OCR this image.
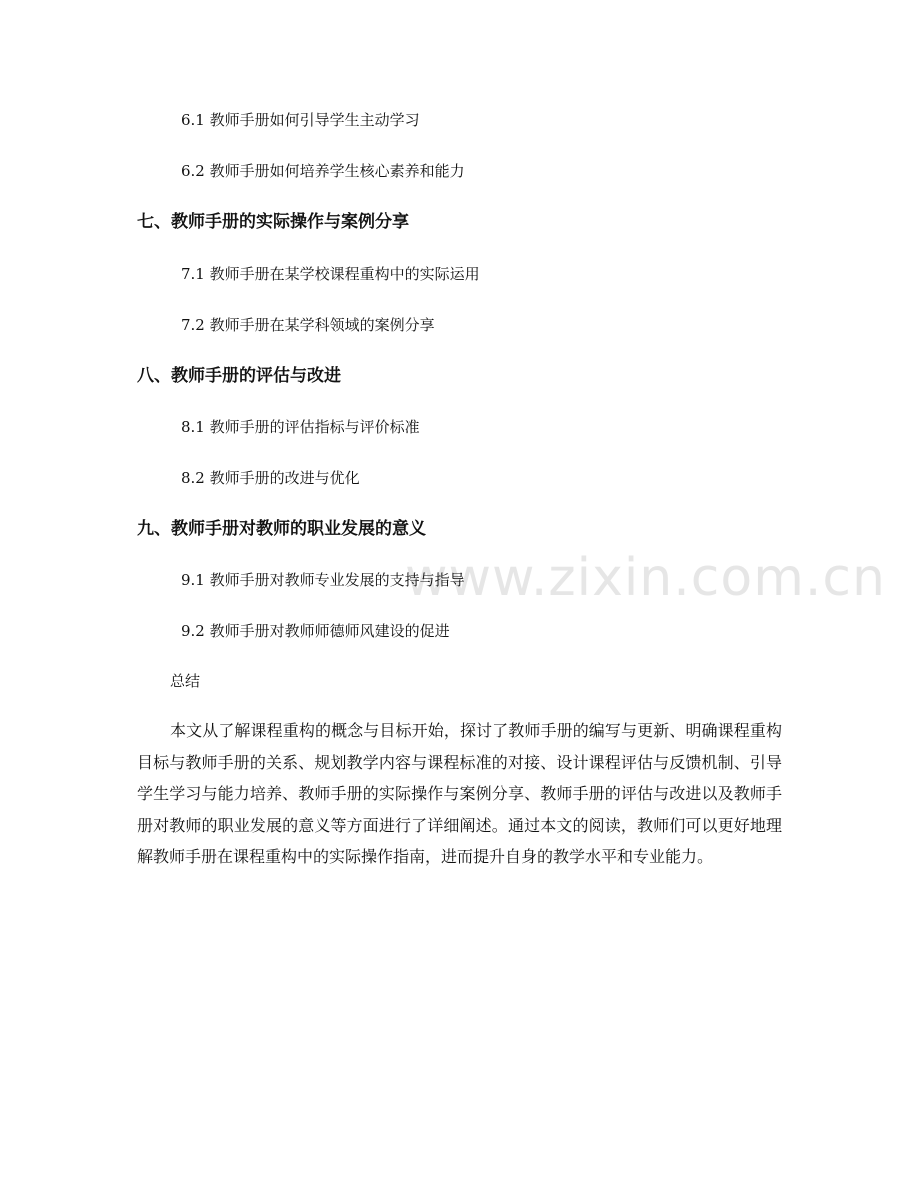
www.zixin.com.cn
6.1 教师手册如何引导学生主动学习
6.2 教师手册如何培养学生核心素养和能力
七、教师手册的实际操作与案例分享
7.1 教师手册在某学校课程重构中的实际运用
7.2 教师手册在某学科领域的案例分享
八、教师手册的评估与改进
8.1 教师手册的评估指标与评价标准
8.2 教师手册的改进与优化
九、教师手册对教师的职业发展的意义
9.1 教师手册对教师专业发展的支持与指导
9.2 教师手册对教师师德师风建设的促进
总结

本文从了解课程重构的概念与目标开始，探讨了教师手册的编写与更新、明确课程重构目标与教师手册的关系、规划教学内容与课程标准的对接、设计课程评估与反馈机制、引导学生学习与能力培养、教师手册的实际操作与案例分享、教师手册的评估与改进以及教师手册对教师的职业发展的意义等方面进行了详细阐述。通过本文的阅读，教师们可以更好地理解教师手册在课程重构中的实际操作指南，进而提升自身的教学水平和专业能力。
